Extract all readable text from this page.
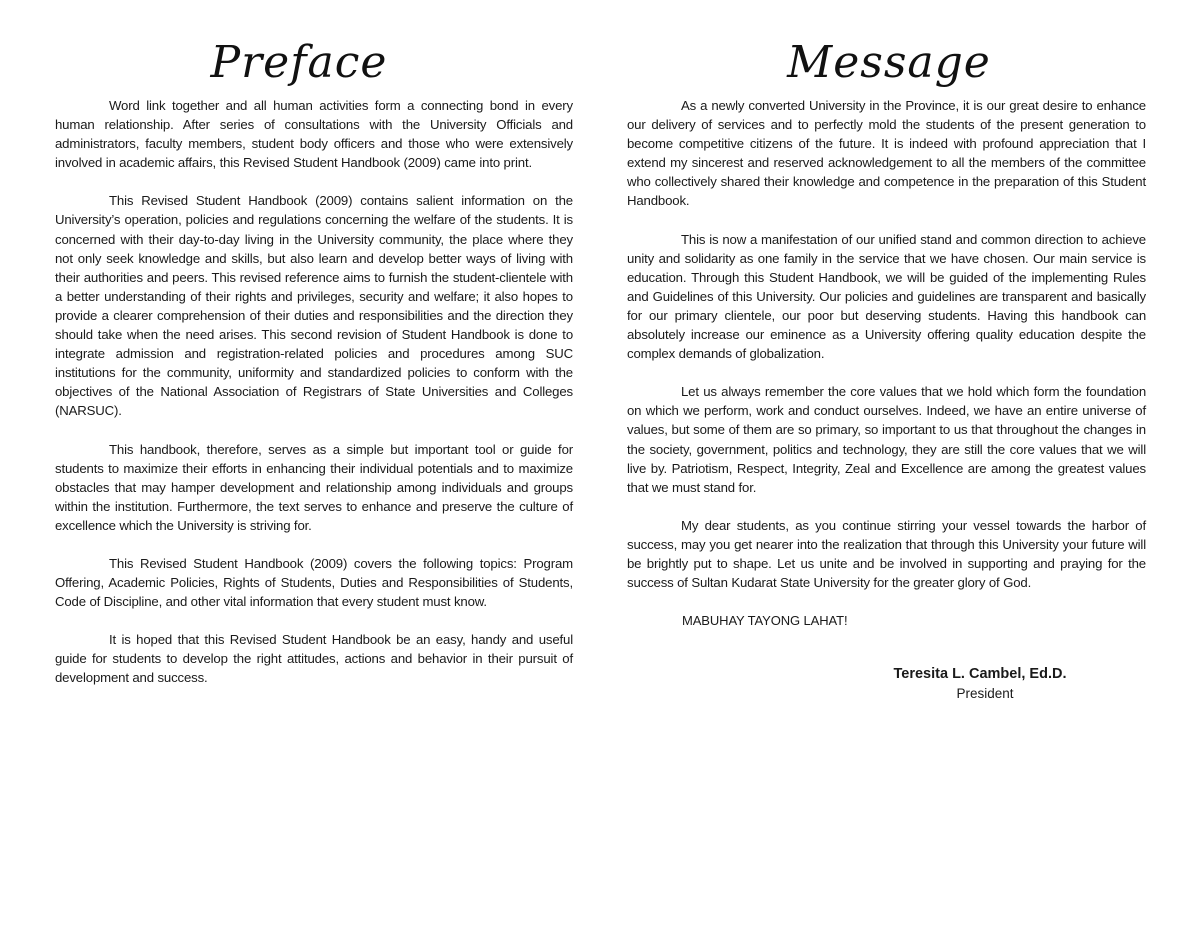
Preface

Word link together and all human activities form a connecting bond in every human relationship. After series of consultations with the University Officials and administrators, faculty members, student body officers and those who were extensively involved in academic affairs, this Revised Student Handbook (2009) came into print.

This Revised Student Handbook (2009) contains salient information on the University’s operation, policies and regulations concerning the welfare of the students. It is concerned with their day-to-day living in the University community, the place where they not only seek knowledge and skills, but also learn and develop better ways of living with their authorities and peers. This revised reference aims to furnish the student-clientele with a better understanding of their rights and privileges, security and welfare; it also hopes to provide a clearer comprehension of their duties and responsibilities and the direction they should take when the need arises. This second revision of Student Handbook is done to integrate admission and registration-related policies and procedures among SUC institutions for the community, uniformity and standardized policies to conform with the objectives of the National Association of Registrars of State Universities and Colleges (NARSUC).

This handbook, therefore, serves as a simple but important tool or guide for students to maximize their efforts in enhancing their individual potentials and to maximize obstacles that may hamper development and relationship among individuals and groups within the institution. Furthermore, the text serves to enhance and preserve the culture of excellence which the University is striving for.

This Revised Student Handbook (2009) covers the following topics: Program Offering, Academic Policies, Rights of Students, Duties and Responsibilities of Students, Code of Discipline, and other vital information that every student must know.

It is hoped that this Revised Student Handbook be an easy, handy and useful guide for students to develop the right attitudes, actions and behavior in their pursuit of development and success.

Message

As a newly converted University in the Province, it is our great desire to enhance our delivery of services and to perfectly mold the students of the present generation to become competitive citizens of the future. It is indeed with profound appreciation that I extend my sincerest and reserved acknowledgement to all the members of the committee who collectively shared their knowledge and competence in the preparation of this Student Handbook.

This is now a manifestation of our unified stand and common direction to achieve unity and solidarity as one family in the service that we have chosen. Our main service is education. Through this Student Handbook, we will be guided of the implementing Rules and Guidelines of this University. Our policies and guidelines are transparent and basically for our primary clientele, our poor but deserving students. Having this handbook can absolutely increase our eminence as a University offering quality education despite the complex demands of globalization.

Let us always remember the core values that we hold which form the foundation on which we perform, work and conduct ourselves. Indeed, we have an entire universe of values, but some of them are so primary, so important to us that throughout the changes in the society, government, politics and technology, they are still the core values that we will live by. Patriotism, Respect, Integrity, Zeal and Excellence are among the greatest values that we must stand for.

My dear students, as you continue stirring your vessel towards the harbor of success, may you get nearer into the realization that through this University your future will be brightly put to shape. Let us unite and be involved in supporting and praying for the success of Sultan Kudarat State University for the greater glory of God.

MABUHAY TAYONG LAHAT!

Teresita L. Cambel, Ed.D.
President
